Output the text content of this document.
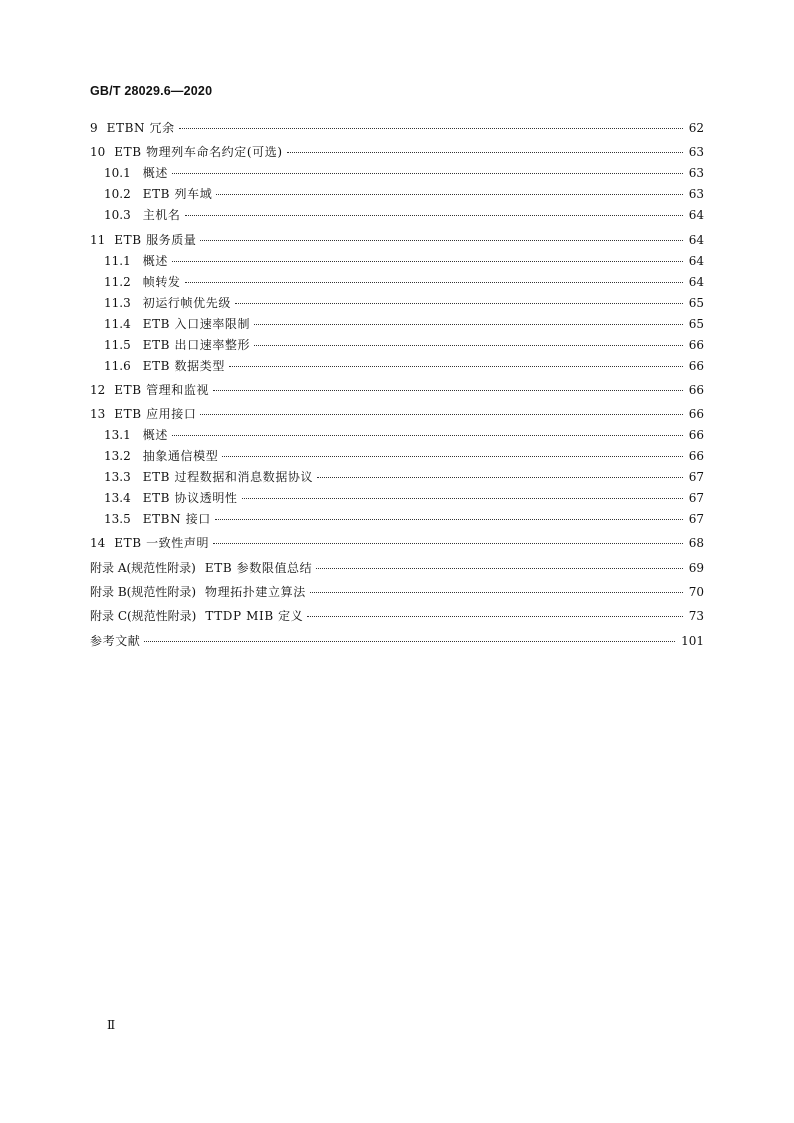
GB/T 28029.6—2020
9 ETBN 冗余	62
10 ETB 物理列车命名约定(可选)	63
10.1 概述	63
10.2 ETB 列车域	63
10.3 主机名	64
11 ETB 服务质量	64
11.1 概述	64
11.2 帧转发	64
11.3 初运行帧优先级	65
11.4 ETB 入口速率限制	65
11.5 ETB 出口速率整形	66
11.6 ETB 数据类型	66
12 ETB 管理和监视	66
13 ETB 应用接口	66
13.1 概述	66
13.2 抽象通信模型	66
13.3 ETB 过程数据和消息数据协议	67
13.4 ETB 协议透明性	67
13.5 ETBN 接口	67
14 ETB 一致性声明	68
附录 A(规范性附录) ETB 参数限值总结	69
附录 B(规范性附录) 物理拓扑建立算法	70
附录 C(规范性附录) TTDP MIB 定义	73
参考文献	101
Ⅱ
